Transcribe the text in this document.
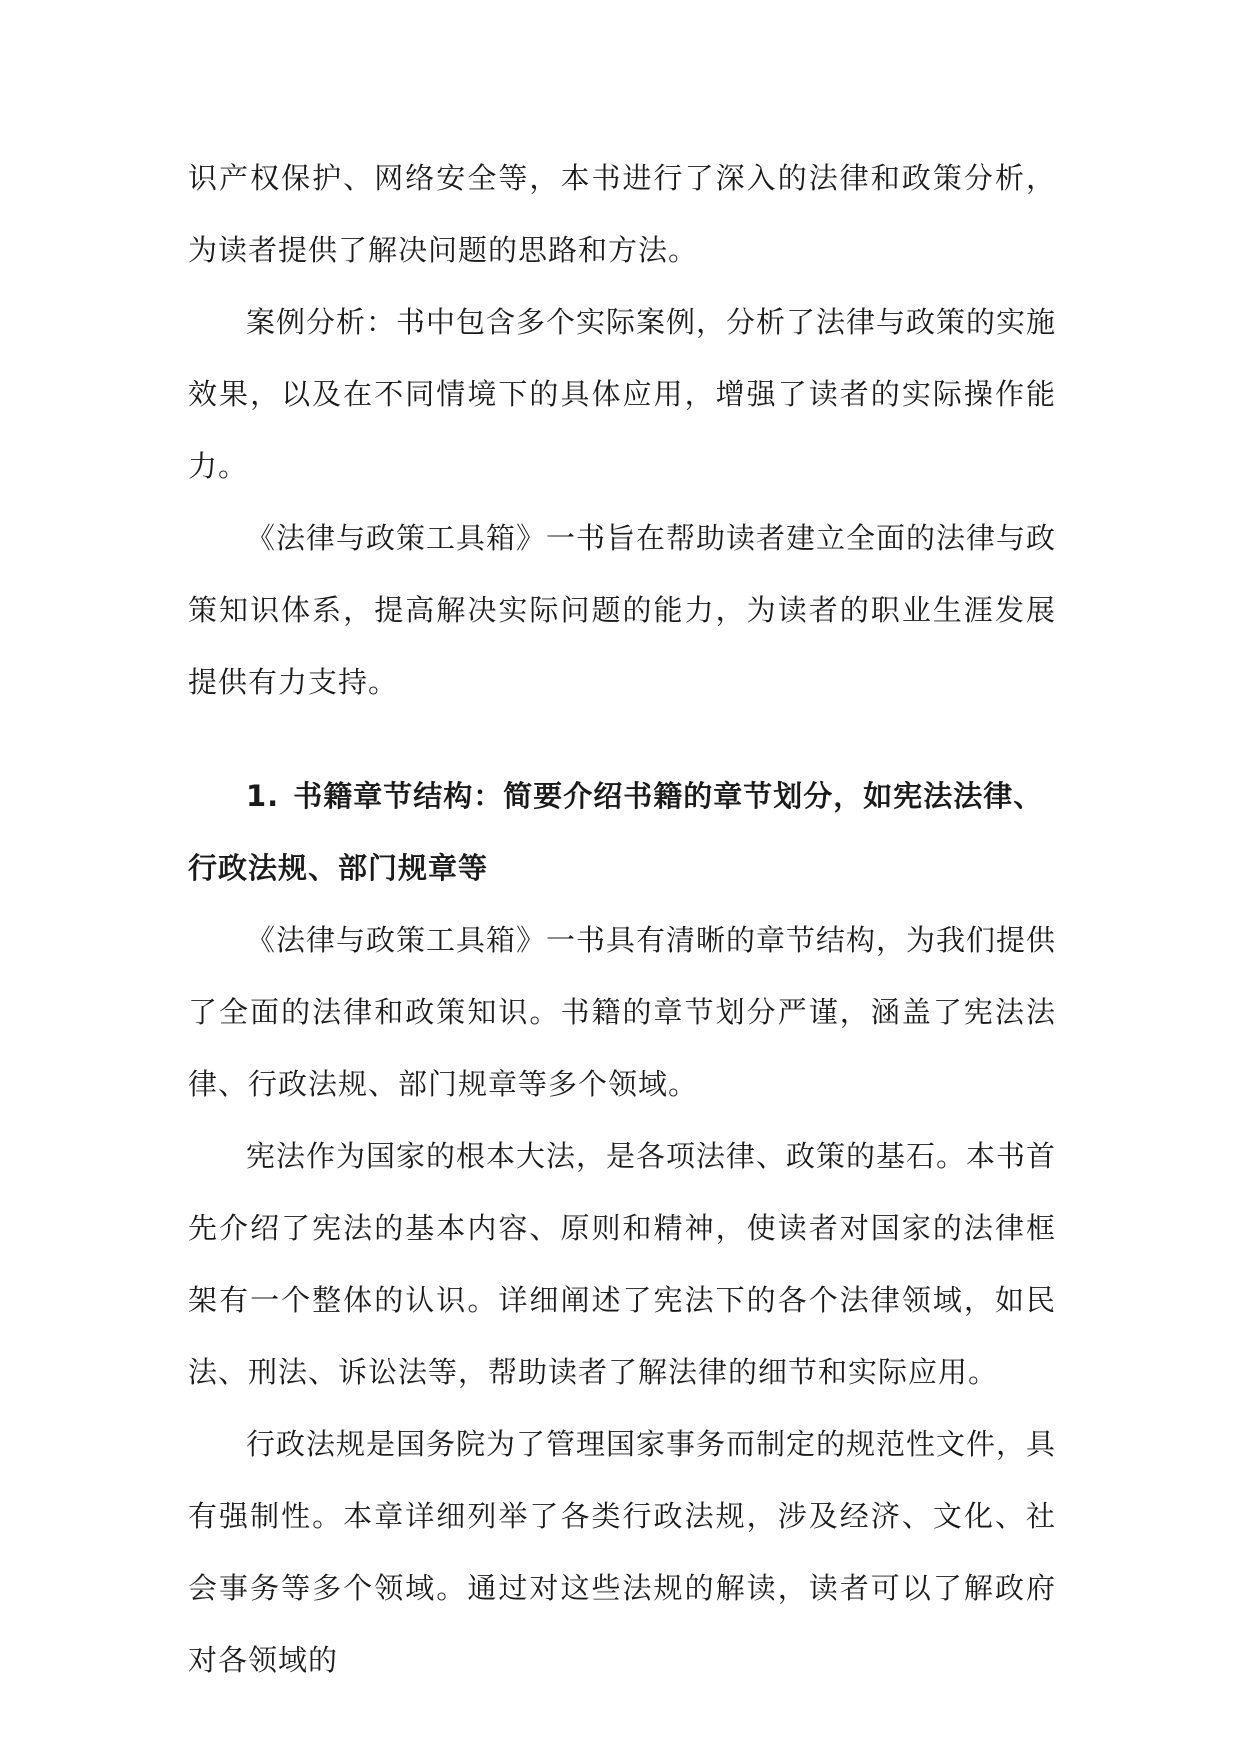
识产权保护、网络安全等，本书进行了深入的法律和政策分析，为读者提供了解决问题的思路和方法。

案例分析：书中包含多个实际案例，分析了法律与政策的实施效果，以及在不同情境下的具体应用，增强了读者的实际操作能力。

《法律与政策工具箱》一书旨在帮助读者建立全面的法律与政策知识体系，提高解决实际问题的能力，为读者的职业生涯发展提供有力支持。

1. 书籍章节结构：简要介绍书籍的章节划分，如宪法法律、行政法规、部门规章等

《法律与政策工具箱》一书具有清晰的章节结构，为我们提供了全面的法律和政策知识。书籍的章节划分严谨，涵盖了宪法法律、行政法规、部门规章等多个领域。

宪法作为国家的根本大法，是各项法律、政策的基石。本书首先介绍了宪法的基本内容、原则和精神，使读者对国家的法律框架有一个整体的认识。详细阐述了宪法下的各个法律领域，如民法、刑法、诉讼法等，帮助读者了解法律的细节和实际应用。

行政法规是国务院为了管理国家事务而制定的规范性文件，具有强制性。本章详细列举了各类行政法规，涉及经济、文化、社会事务等多个领域。通过对这些法规的解读，读者可以了解政府对各领域的
